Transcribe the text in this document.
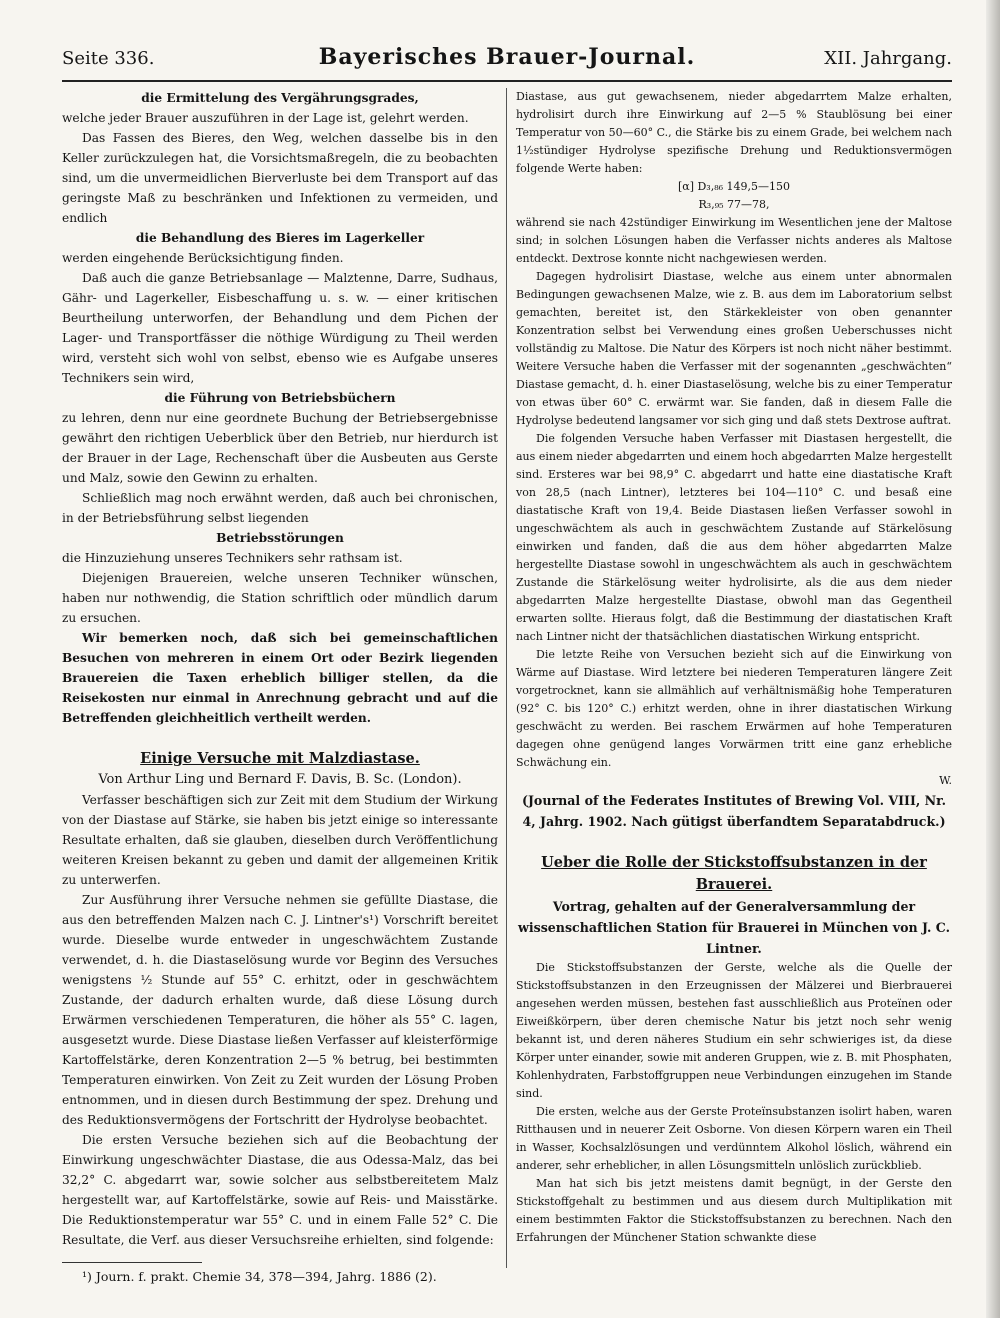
Seite 336.	Bayerisches Brauer-Journal.	XII. Jahrgang.

die Ermittelung des Vergährungsgrades,

welche jeder Brauer auszuführen in der Lage ist, gelehrt werden.

Das Fassen des Bieres, den Weg, welchen dasselbe bis in den Keller zurückzulegen hat, die Vorsichtsmaßregeln, die zu beobachten sind, um die unvermeidlichen Bierverluste bei dem Transport auf das geringste Maß zu beschränken und Infektionen zu vermeiden, und endlich

die Behandlung des Bieres im Lagerkeller

werden eingehende Berücksichtigung finden.

Daß auch die ganze Betriebsanlage — Malztenne, Darre, Sudhaus, Gähr- und Lagerkeller, Eisbeschaffung u. s. w. — einer kritischen Beurtheilung unterworfen, der Behandlung und dem Pichen der Lager- und Transportfässer die nöthige Würdigung zu Theil werden wird, versteht sich wohl von selbst, ebenso wie es Aufgabe unseres Technikers sein wird,

die Führung von Betriebsbüchern

zu lehren, denn nur eine geordnete Buchung der Betriebsergebnisse gewährt den richtigen Ueberblick über den Betrieb, nur hierdurch ist der Brauer in der Lage, Rechenschaft über die Ausbeuten aus Gerste und Malz, sowie den Gewinn zu erhalten.

Schließlich mag noch erwähnt werden, daß auch bei chronischen, in der Betriebsführung selbst liegenden

Betriebsstörungen

die Hinzuziehung unseres Technikers sehr rathsam ist.

Diejenigen Brauereien, welche unseren Techniker wünschen, haben nur nothwendig, die Station schriftlich oder mündlich darum zu ersuchen.

Wir bemerken noch, daß sich bei gemeinschaftlichen Besuchen von mehreren in einem Ort oder Bezirk liegenden Brauereien die Taxen erheblich billiger stellen, da die Reisekosten nur einmal in Anrechnung gebracht und auf die Betreffenden gleichheitlich vertheilt werden.

Einige Versuche mit Malzdiastase.

Von Arthur Ling und Bernard F. Davis, B. Sc. (London).

Verfasser beschäftigen sich zur Zeit mit dem Studium der Wirkung von der Diastase auf Stärke, sie haben bis jetzt einige so interessante Resultate erhalten, daß sie glauben, dieselben durch Veröffentlichung weiteren Kreisen bekannt zu geben und damit der allgemeinen Kritik zu unterwerfen.

Zur Ausführung ihrer Versuche nehmen sie gefüllte Diastase, die aus den betreffenden Malzen nach C. J. Lintner's¹) Vorschrift bereitet wurde. Dieselbe wurde entweder in ungeschwächtem Zustande verwendet, d. h. die Diastaselösung wurde vor Beginn des Versuches wenigstens ½ Stunde auf 55° C. erhitzt, oder in geschwächtem Zustande, der dadurch erhalten wurde, daß diese Lösung durch Erwärmen verschiedenen Temperaturen, die höher als 55° C. lagen, ausgesetzt wurde. Diese Diastase ließen Verfasser auf kleisterförmige Kartoffelstärke, deren Konzentration 2—5 % betrug, bei bestimmten Temperaturen einwirken. Von Zeit zu Zeit wurden der Lösung Proben entnommen, und in diesen durch Bestimmung der spez. Drehung und des Reduktionsvermögens der Fortschritt der Hydrolyse beobachtet.

Die ersten Versuche beziehen sich auf die Beobachtung der Einwirkung ungeschwächter Diastase, die aus Odessa-Malz, das bei 32,2° C. abgedarrt war, sowie solcher aus selbstbereitetem Malz hergestellt war, auf Kartoffelstärke, sowie auf Reis- und Maisstärke. Die Reduktionstemperatur war 55° C. und in einem Falle 52° C. Die Resultate, die Verf. aus dieser Versuchsreihe erhielten, sind folgende:

¹) Journ. f. prakt. Chemie 34, 378—394, Jahrg. 1886 (2).

Diastase, aus gut gewachsenem, nieder abgedarrtem Malze erhalten, hydrolisirt durch ihre Einwirkung auf 2—5 % Staublösung bei einer Temperatur von 50—60° C., die Stärke bis zu einem Grade, bei welchem nach 1½stündiger Hydrolyse spezifische Drehung und Reduktionsvermögen folgende Werte haben:

[α] D₃,₈₆ 149,5—150

R₃,₉₅ 77—78,

während sie nach 42stündiger Einwirkung im Wesentlichen jene der Maltose sind; in solchen Lösungen haben die Verfasser nichts anderes als Maltose entdeckt. Dextrose konnte nicht nachgewiesen werden.

Dagegen hydrolisirt Diastase, welche aus einem unter abnormalen Bedingungen gewachsenen Malze, wie z. B. aus dem im Laboratorium selbst gemachten, bereitet ist, den Stärkekleister von oben genannter Konzentration selbst bei Verwendung eines großen Ueberschusses nicht vollständig zu Maltose. Die Natur des Körpers ist noch nicht näher bestimmt. Weitere Versuche haben die Verfasser mit der sogenannten „geschwächten“ Diastase gemacht, d. h. einer Diastaselösung, welche bis zu einer Temperatur von etwas über 60° C. erwärmt war. Sie fanden, daß in diesem Falle die Hydrolyse bedeutend langsamer vor sich ging und daß stets Dextrose auftrat.

Die folgenden Versuche haben Verfasser mit Diastasen hergestellt, die aus einem nieder abgedarrten und einem hoch abgedarrten Malze hergestellt sind. Ersteres war bei 98,9° C. abgedarrt und hatte eine diastatische Kraft von 28,5 (nach Lintner), letzteres bei 104—110° C. und besaß eine diastatische Kraft von 19,4. Beide Diastasen ließen Verfasser sowohl in ungeschwächtem als auch in geschwächtem Zustande auf Stärkelösung einwirken und fanden, daß die aus dem höher abgedarrten Malze hergestellte Diastase sowohl in ungeschwächtem als auch in geschwächtem Zustande die Stärkelösung weiter hydrolisirte, als die aus dem nieder abgedarrten Malze hergestellte Diastase, obwohl man das Gegentheil erwarten sollte. Hieraus folgt, daß die Bestimmung der diastatischen Kraft nach Lintner nicht der thatsächlichen diastatischen Wirkung entspricht.

Die letzte Reihe von Versuchen bezieht sich auf die Einwirkung von Wärme auf Diastase. Wird letztere bei niederen Temperaturen längere Zeit vorgetrocknet, kann sie allmählich auf verhältnismäßig hohe Temperaturen (92° C. bis 120° C.) erhitzt werden, ohne in ihrer diastatischen Wirkung geschwächt zu werden. Bei raschem Erwärmen auf hohe Temperaturen dagegen ohne genügend langes Vorwärmen tritt eine ganz erhebliche Schwächung ein.

W.

(Journal of the Federates Institutes of Brewing Vol. VIII, Nr. 4, Jahrg. 1902. Nach gütigst überfandtem Separatabdruck.)

Ueber die Rolle der Stickstoffsubstanzen in der Brauerei.

Vortrag, gehalten auf der Generalversammlung der wissenschaftlichen Station für Brauerei in München von J. C. Lintner.

Die Stickstoffsubstanzen der Gerste, welche als die Quelle der Stickstoffsubstanzen in den Erzeugnissen der Mälzerei und Bierbrauerei angesehen werden müssen, bestehen fast ausschließlich aus Proteïnen oder Eiweißkörpern, über deren chemische Natur bis jetzt noch sehr wenig bekannt ist, und deren näheres Studium ein sehr schwieriges ist, da diese Körper unter einander, sowie mit anderen Gruppen, wie z. B. mit Phosphaten, Kohlenhydraten, Farbstoffgruppen neue Verbindungen einzugehen im Stande sind.

Die ersten, welche aus der Gerste Proteïnsubstanzen isolirt haben, waren Ritthausen und in neuerer Zeit Osborne. Von diesen Körpern waren ein Theil in Wasser, Kochsalzlösungen und verdünntem Alkohol löslich, während ein anderer, sehr erheblicher, in allen Lösungsmitteln unlöslich zurückblieb.

Man hat sich bis jetzt meistens damit begnügt, in der Gerste den Stickstoffgehalt zu bestimmen und aus diesem durch Multiplikation mit einem bestimmten Faktor die Stickstoffsubstanzen zu berechnen. Nach den Erfahrungen der Münchener Station schwankte diese
